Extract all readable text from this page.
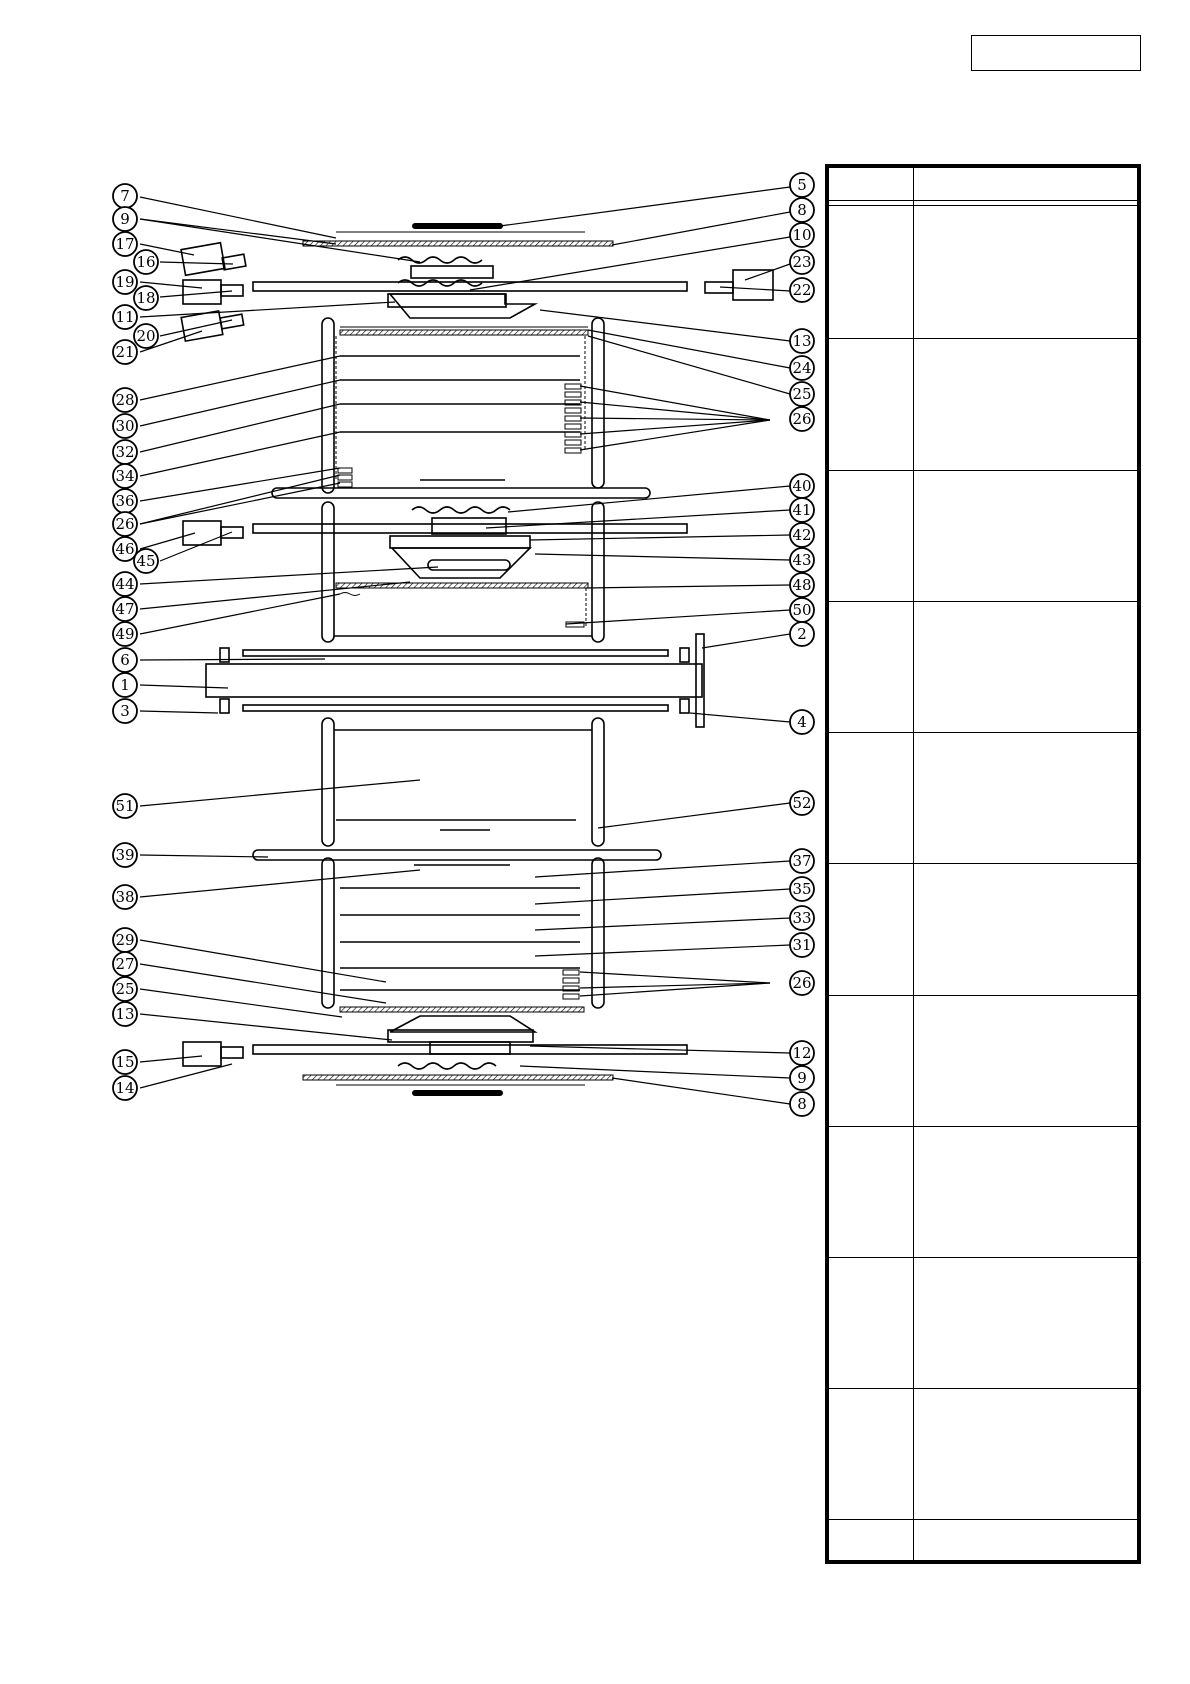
7
9
17
16
19
18
11
20
21
28
30
32
34
36
26
46
45
44
47
49
6
1
3
51
39
38
29
27
25
13
15
14
5
8
10
23
22
13
24
25
26
40
41
42
43
48
50
2
4
52
37
35
33
31
26
12
9
8
